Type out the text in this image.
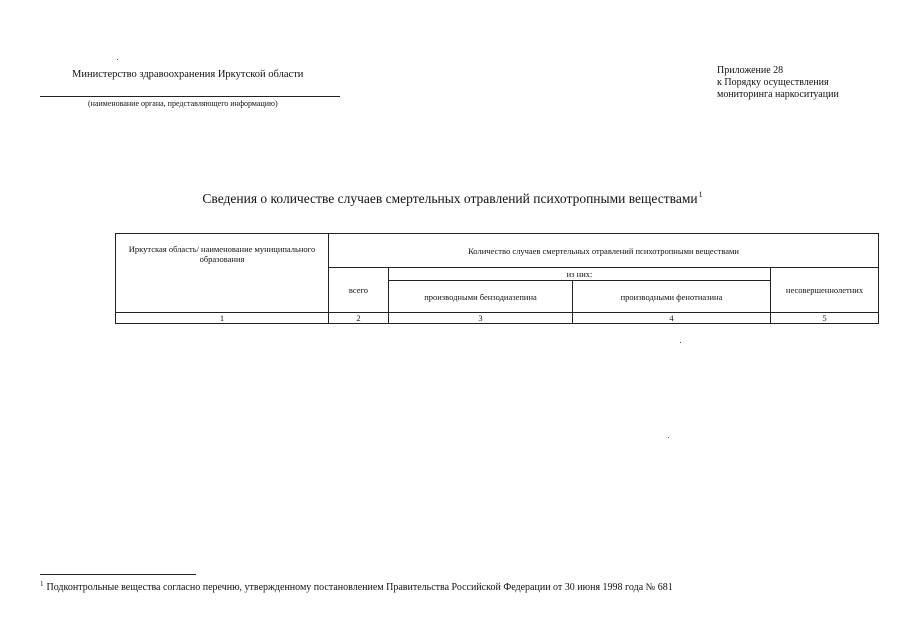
Министерство здравоохранения Иркутской области
(наименование органа, представляющего информацию)
Приложение 28
к Порядку осуществления
мониторинга наркоситуации
Сведения о количестве случаев смертельных отравлений психотропными веществами$^1$
Иркутская область/ наименование муниципального образования	Количество случаев смертельных отравлений психотропными веществами			
	всего	из них:		несовершеннолетних
		производными бензодиазепина	производными фенотиазина	
1	2	3	4	5
$^1$ Подконтрольные вещества согласно перечню, утвержденному постановлением Правительства Российской Федерации от 30 июня 1998 года № 681
